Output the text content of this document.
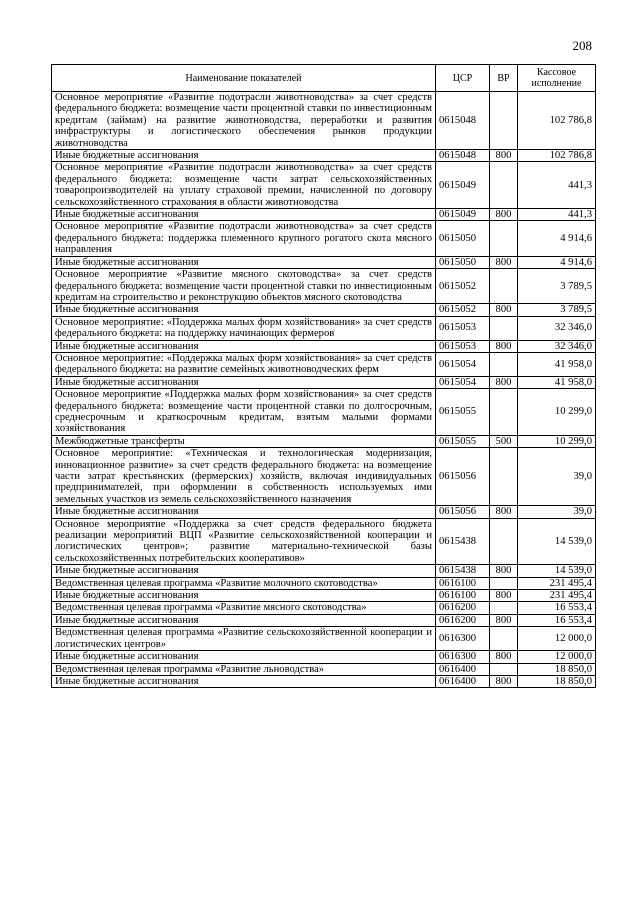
208
Наименование показателей	ЦСР	ВР	Кассовое исполнение
Основное мероприятие «Развитие подотрасли животноводства» за счет средств федерального бюджета: возмещение части процентной ставки по инвестиционным кредитам (займам) на развитие животноводства, переработки и развития инфраструктуры и логистического обеспечения рынков продукции животноводства	0615048		102 786,8
Иные бюджетные ассигнования	0615048	800	102 786,8
Основное мероприятие «Развитие подотрасли животноводства» за счет средств федерального бюджета: возмещение части затрат сельскохозяйственных товаропроизводителей на уплату страховой премии, начисленной по договору сельскохозяйственного страхования в области животноводства	0615049		441,3
Иные бюджетные ассигнования	0615049	800	441,3
Основное мероприятие «Развитие подотрасли животноводства» за счет средств федерального бюджета: поддержка племенного крупного рогатого скота мясного направления	0615050		4 914,6
Иные бюджетные ассигнования	0615050	800	4 914,6
Основное мероприятие «Развитие мясного скотоводства» за счет средств федерального бюджета: возмещение части процентной ставки по инвестиционным кредитам на строительство и реконструкцию объектов мясного скотоводства	0615052		3 789,5
Иные бюджетные ассигнования	0615052	800	3 789,5
Основное мероприятие: «Поддержка малых форм хозяйствования» за счет средств федерального бюджета: на поддержку начинающих фермеров	0615053		32 346,0
Иные бюджетные ассигнования	0615053	800	32 346,0
Основное мероприятие: «Поддержка малых форм хозяйствования» за счет средств федерального бюджета: на развитие семейных животноводческих ферм	0615054		41 958,0
Иные бюджетные ассигнования	0615054	800	41 958,0
Основное мероприятие «Поддержка малых форм хозяйствования» за счет средств федерального бюджета: возмещение части процентной ставки по долгосрочным, среднесрочным и краткосрочным кредитам, взятым малыми формами хозяйствования	0615055		10 299,0
Межбюджетные трансферты	0615055	500	10 299,0
Основное мероприятие: «Техническая и технологическая модернизация, инновационное развитие» за счет средств федерального бюджета: на возмещение части затрат крестьянских (фермерских) хозяйств, включая индивидуальных предпринимателей, при оформлении в собственность используемых ими земельных участков из земель сельскохозяйственного назначения	0615056		39,0
Иные бюджетные ассигнования	0615056	800	39,0
Основное мероприятие «Поддержка за счет средств федерального бюджета реализации мероприятий ВЦП «Развитие сельскохозяйственной кооперации и логистических центров»; развитие материально-технической базы сельскохозяйственных потребительских кооперативов»	0615438		14 539,0
Иные бюджетные ассигнования	0615438	800	14 539,0
Ведомственная целевая программа «Развитие молочного скотоводства»	0616100		231 495,4
Иные бюджетные ассигнования	0616100	800	231 495,4
Ведомственная целевая программа «Развитие мясного скотоводства»	0616200		16 553,4
Иные бюджетные ассигнования	0616200	800	16 553,4
Ведомственная целевая программа «Развитие сельскохозяйственной кооперации и логистических центров»	0616300		12 000,0
Иные бюджетные ассигнования	0616300	800	12 000,0
Ведомственная целевая программа «Развитие льноводства»	0616400		18 850,0
Иные бюджетные ассигнования	0616400	800	18 850,0
